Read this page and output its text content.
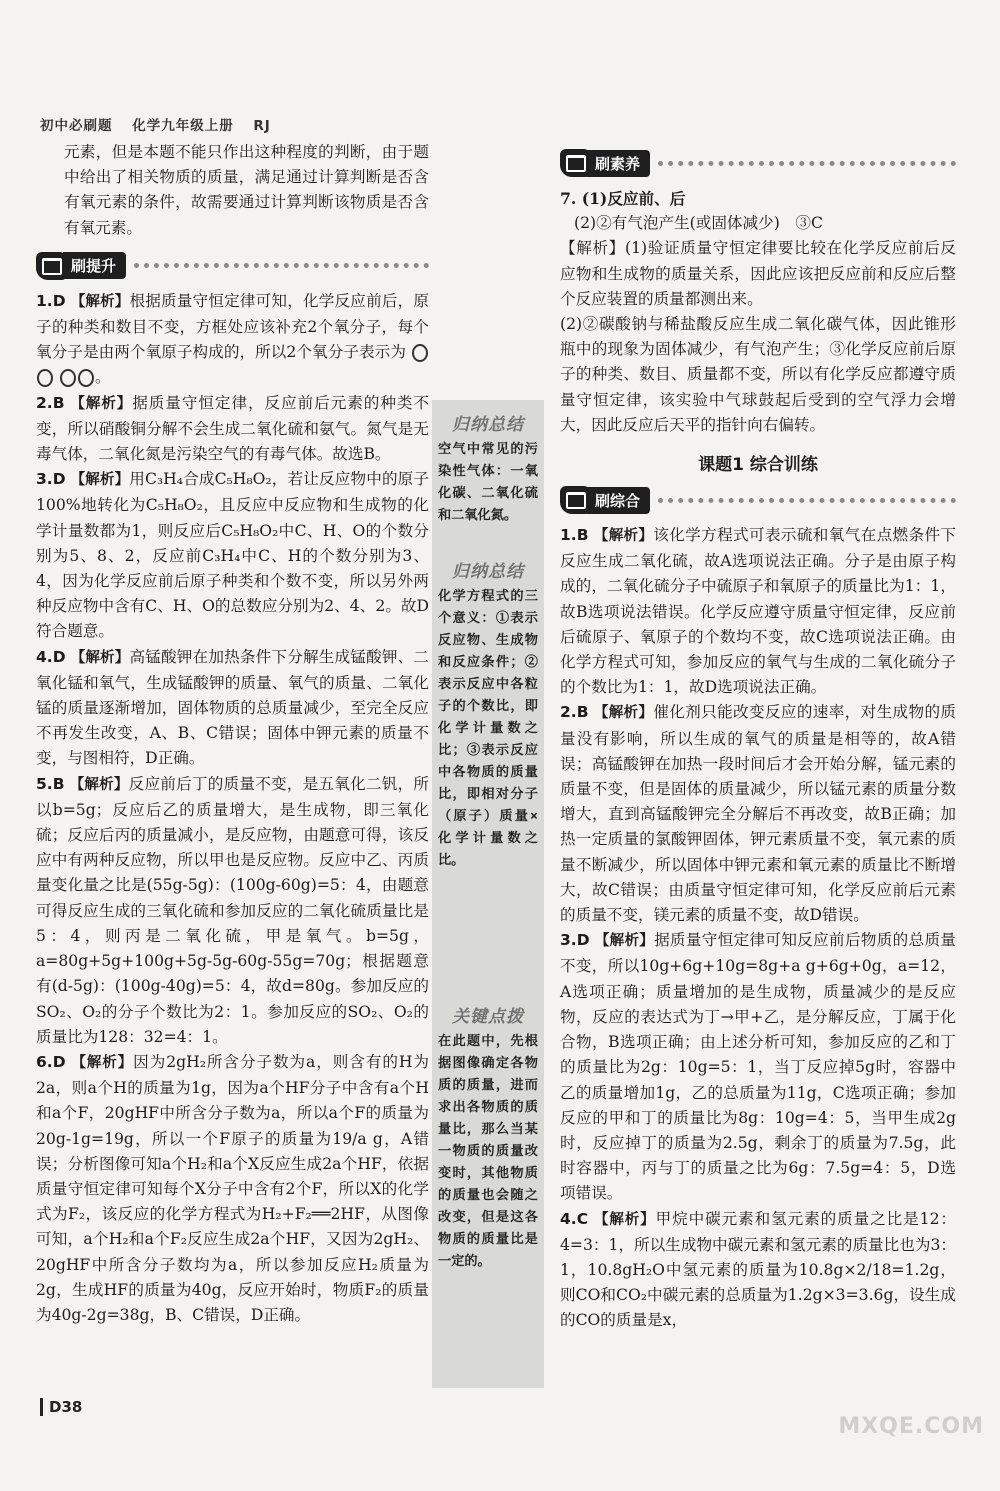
初中必刷题 化学九年级上册 RJ

元素，但是本题不能只作出这种程度的判断，由于题中给出了相关物质的质量，满足通过计算判断是否含有氧元素的条件，故需要通过计算判断该物质是否含有氧元素。

刷提升

1.D 【解析】根据质量守恒定律可知，化学反应前后，原子的种类和数目不变，方框处应该补充2个氧分子，每个氧分子是由两个氧原子构成的，所以2个氧分子表示为  。

2.B 【解析】据质量守恒定律，反应前后元素的种类不变，所以硝酸铜分解不会生成二氧化硫和氨气。氮气是无毒气体，二氧化氮是污染空气的有毒气体。故选B。

3.D 【解析】用C₃H₄合成C₅H₈O₂，若让反应物中的原子100%地转化为C₅H₈O₂，且反应中反应物和生成物的化学计量数都为1，则反应后C₅H₈O₂中C、H、O的个数分别为5、8、2，反应前C₃H₄中C、H的个数分别为3、4，因为化学反应前后原子种类和个数不变，所以另外两种反应物中含有C、H、O的总数应分别为2、4、2。故D符合题意。

4.D 【解析】高锰酸钾在加热条件下分解生成锰酸钾、二氧化锰和氧气，生成锰酸钾的质量、氧气的质量、二氧化锰的质量逐渐增加，固体物质的总质量减少，至完全反应不再发生改变，A、B、C错误；固体中钾元素的质量不变，与图相符，D正确。

5.B 【解析】反应前后丁的质量不变，是五氧化二钒，所以b=5g；反应后乙的质量增大，是生成物，即三氧化硫；反应后丙的质量减小，是反应物，由题意可得，该反应中有两种反应物，所以甲也是反应物。反应中乙、丙质量变化量之比是(55g-5g)：(100g-60g)=5：4，由题意可得反应生成的三氧化硫和参加反应的二氧化硫质量比是5：4，则丙是二氧化硫，甲是氧气。b=5g，a=80g+5g+100g+5g-5g-60g-55g=70g；根据题意有(d-5g)：(100g-40g)=5：4，故d=80g。参加反应的SO₂、O₂的分子个数比为2：1。参加反应的SO₂、O₂的质量比为128：32=4：1。

6.D 【解析】因为2gH₂所含分子数为a，则含有的H为2a，则a个H的质量为1g，因为a个HF分子中含有a个H和a个F，20gHF中所含分子数为a，所以a个F的质量为20g-1g=19g，所以一个F原子的质量为19/a g，A错误；分析图像可知a个H₂和a个X反应生成2a个HF，依据质量守恒定律可知每个X分子中含有2个F，所以X的化学式为F₂，该反应的化学方程式为H₂+F₂══2HF，从图像可知，a个H₂和a个F₂反应生成2a个HF，又因为2gH₂、20gHF中所含分子数均为a，所以参加反应H₂质量为2g，生成HF的质量为40g，反应开始时，物质F₂的质量为40g-2g=38g，B、C错误，D正确。

归纳总结
空气中常见的污染性气体：一氧化碳、二氧化硫和二氧化氮。
归纳总结
化学方程式的三个意义：①表示反应物、生成物和反应条件；②表示反应中各粒子的个数比，即化学计量数之比；③表示反应中各物质的质量比，即相对分子（原子）质量×化学计量数之比。
关键点拨
在此题中，先根据图像确定各物质的质量，进而求出各物质的质量比，那么当某一物质的质量改变时，其他物质的质量也会随之改变，但是这各物质的质量比是一定的。
刷素养

7. (1)反应前、后

(2)②有气泡产生(或固体减少)　③C

【解析】(1)验证质量守恒定律要比较在化学反应前后反应物和生成物的质量关系，因此应该把反应前和反应后整个反应装置的质量都测出来。

(2)②碳酸钠与稀盐酸反应生成二氧化碳气体，因此锥形瓶中的现象为固体减少，有气泡产生；③化学反应前后原子的种类、数目、质量都不变，所以有化学反应都遵守质量守恒定律，该实验中气球鼓起后受到的空气浮力会增大，因此反应后天平的指针向右偏转。

课题1 综合训练
刷综合

1.B 【解析】该化学方程式可表示硫和氧气在点燃条件下反应生成二氧化硫，故A选项说法正确。分子是由原子构成的，二氧化硫分子中硫原子和氧原子的质量比为1：1，故B选项说法错误。化学反应遵守质量守恒定律，反应前后硫原子、氧原子的个数均不变，故C选项说法正确。由化学方程式可知，参加反应的氧气与生成的二氧化硫分子的个数比为1：1，故D选项说法正确。

2.B 【解析】催化剂只能改变反应的速率，对生成物的质量没有影响，所以生成的氧气的质量是相等的，故A错误；高锰酸钾在加热一段时间后才会开始分解，锰元素的质量不变，但是固体的质量减少，所以锰元素的质量分数增大，直到高锰酸钾完全分解后不再改变，故B正确；加热一定质量的氯酸钾固体，钾元素质量不变，氧元素的质量不断减少，所以固体中钾元素和氧元素的质量比不断增大，故C错误；由质量守恒定律可知，化学反应前后元素的质量不变，镁元素的质量不变，故D错误。

3.D 【解析】据质量守恒定律可知反应前后物质的总质量不变，所以10g+6g+10g=8g+a g+6g+0g，a=12，A选项正确；质量增加的是生成物，质量减少的是反应物，反应的表达式为丁→甲+乙，是分解反应，丁属于化合物，B选项正确；由上述分析可知，参加反应的乙和丁的质量比为2g：10g=5：1，当丁反应掉5g时，容器中乙的质量增加1g，乙的总质量为11g，C选项正确；参加反应的甲和丁的质量比为8g：10g=4：5，当甲生成2g时，反应掉丁的质量为2.5g，剩余丁的质量为7.5g，此时容器中，丙与丁的质量之比为6g：7.5g=4：5，D选项错误。

4.C 【解析】甲烷中碳元素和氢元素的质量之比是12：4=3：1，所以生成物中碳元素和氢元素的质量比也为3：1，10.8gH₂O中氢元素的质量为10.8g×2/18=1.2g，则CO和CO₂中碳元素的总质量为1.2g×3=3.6g，设生成的CO的质量是x，

D38
MXQE.COM
